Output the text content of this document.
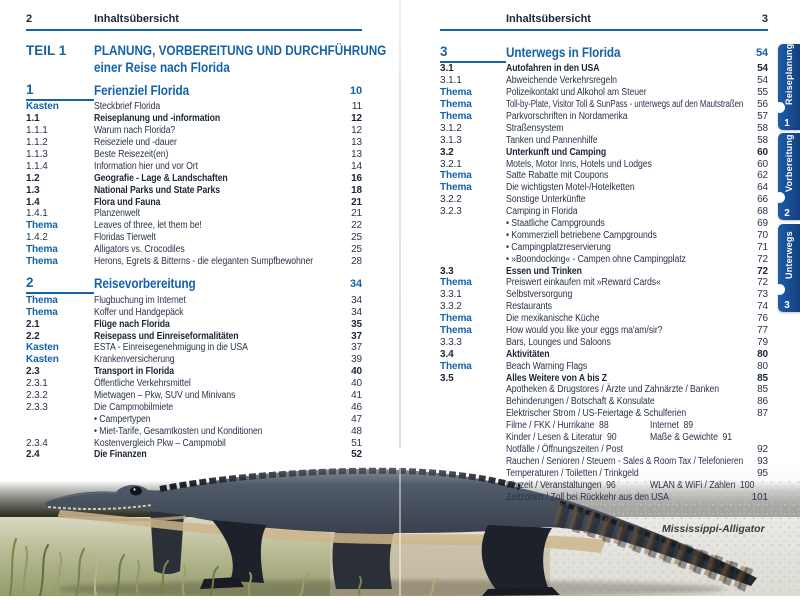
2	Inhaltsübersicht
TEIL 1	PLANUNG, VORBEREITUNG UND DURCHFÜHRUNG
einer Reise nach Florida
1	Ferienziel Florida	10
Kasten	Steckbrief Florida	11
1.1	Reiseplanung und -information	12
1.1.1	Warum nach Florida?	12
1.1.2	Reiseziele und -dauer	13
1.1.3	Beste Reisezeit(en)	13
1.1.4	Information hier und vor Ort	14
1.2	Geografie - Lage & Landschaften	16
1.3	National Parks und State Parks	18
1.4	Flora und Fauna	21
1.4.1	Planzenwelt	21
Thema	Leaves of three, let them be!	22
1.4.2	Floridas Tierwelt	25
Thema	Alligators vs. Crocodiles	25
Thema	Herons, Egrets & Bitterns - die eleganten Sumpfbewohner	28
2	Reisevorbereitung	34
Thema	Flugbuchung im Internet	34
Thema	Koffer und Handgepäck	34
2.1	Flüge nach Florida	35
2.2	Reisepass und Einreiseformalitäten	37
Kasten	ESTA - Einreisegenehmigung in die USA	37
Kasten	Krankenversicherung	39
2.3	Transport in Florida	40
2.3.1	Öffentliche Verkehrsmittel	40
2.3.2	Mietwagen – Pkw, SUV und Minivans	41
2.3.3	Die Campmobilmiete	46
• Campertypen	47
• Miet-Tarife, Gesamtkosten und Konditionen	48
2.3.4	Kostenvergleich Pkw – Campmobil	51
2.4	Die Finanzen	52
Inhaltsübersicht	3
3	Unterwegs in Florida	54
3.1	Autofahren in den USA	54
3.1.1	Abweichende Verkehrsregeln	54
Thema	Polizeikontakt und Alkohol am Steuer	55
Thema	Toll-by-Plate, Visitor Toll & SunPass - unterwegs auf den Mautstraßen	56
Thema	Parkvorschriften in Nordamerika	57
3.1.2	Straßensystem	58
3.1.3	Tanken und Pannenhilfe	58
3.2	Unterkunft und Camping	60
3.2.1	Motels, Motor Inns, Hotels und Lodges	60
Thema	Satte Rabatte mit Coupons	62
Thema	Die wichtigsten Motel-/Hotelketten	64
3.2.2	Sonstige Unterkünfte	66
3.2.3	Camping in Florida	68
• Staatliche Campgrounds	69
• Kommerziell betriebene Campgrounds	70
• Campingplatzreservierung	71
• »Boondocking« - Campen ohne Campingplatz	72
3.3	Essen und Trinken	72
Thema	Preiswert einkaufen mit »Reward Cards«	72
3.3.1	Selbstversorgung	73
3.3.2	Restaurants	74
Thema	Die mexikanische Küche	76
Thema	How would you like your eggs ma'am/sir?	77
3.3.3	Bars, Lounges und Saloons	79
3.4	Aktivitäten	80
Thema	Beach Warning Flags	80
3.5	Alles Weitere von A bis Z	85
Apotheken & Drugstores / Ärzte und Zahnärzte / Banken	85
Behinderungen / Botschaft & Konsulate	86
Elektrischer Strom / US-Feiertage & Schulferien	87
Filme / FKK / Hurrikane  88	Internet  89
Kinder / Lesen & Literatur  90	Maße & Gewichte  91
Notfälle / Öffnungszeiten / Post	92
Rauchen / Senioren / Steuern - Sales & Room Tax / Telefonieren	93
Temperaturen / Toiletten / Trinkgeld	95
Uhrzeit / Veranstaltungen  96	WLAN & WiFi / Zahlen  100
Zeitzonen / Zoll bei Rückkehr aus den USA	101
Mississippi-Alligator
Reiseplanung
1
Vorbereitung
2
Unterwegs
3
